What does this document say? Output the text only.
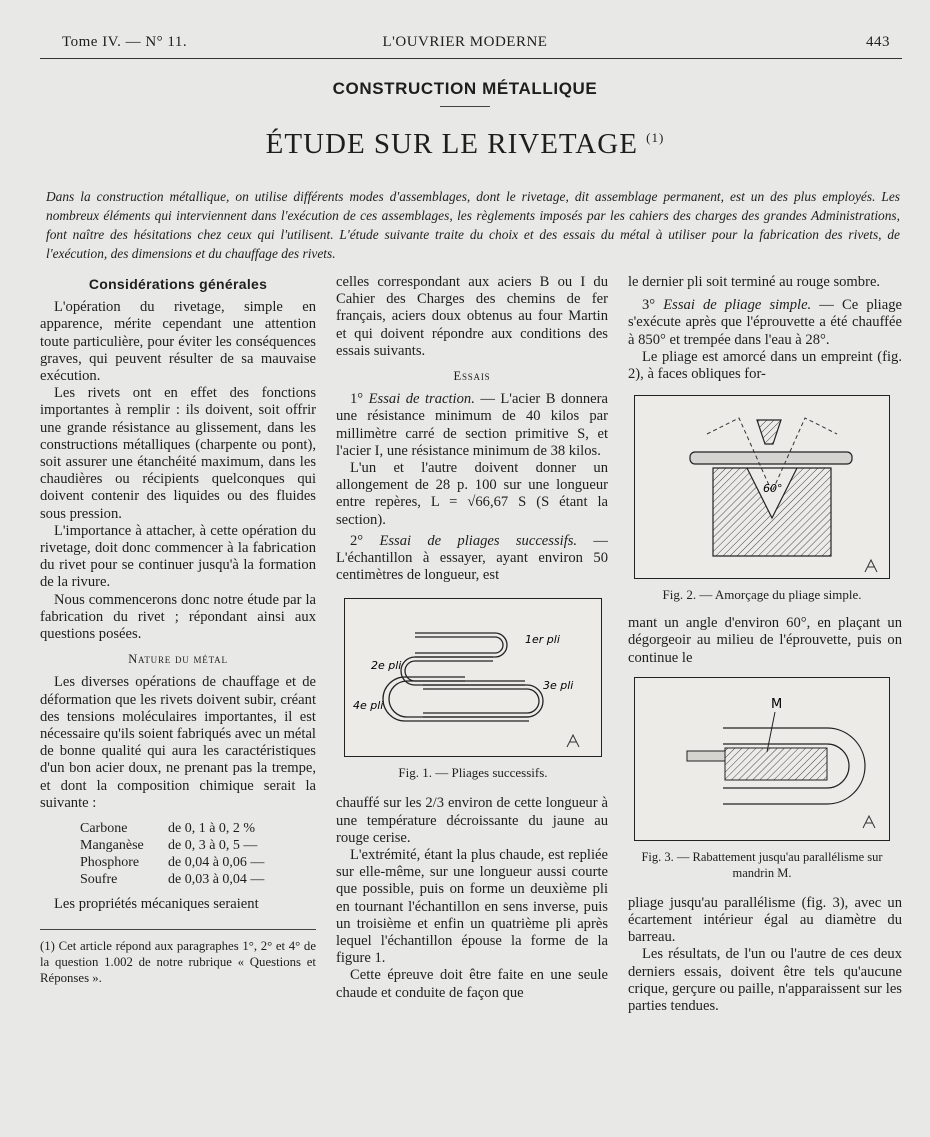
Tome IV. — N° 11.	L'OUVRIER MODERNE	443
CONSTRUCTION MÉTALLIQUE
ÉTUDE SUR LE RIVETAGE $^{(1)}$
Dans la construction métallique, on utilise différents modes d'assemblages, dont le rivetage, dit assemblage permanent, est un des plus employés. Les nombreux éléments qui interviennent dans l'exécution de ces assemblages, les règlements imposés par les cahiers des charges des grandes Administrations, font naître des hésitations chez ceux qui l'utilisent. L'étude suivante traite du choix et des essais du métal à utiliser pour la fabrication des rivets, de l'exécution, des dimensions et du chauffage des rivets.
Considérations générales

L'opération du rivetage, simple en apparence, mérite cependant une attention toute particulière, pour éviter les conséquences graves, qui peuvent résulter de sa mauvaise exécution.

Les rivets ont en effet des fonctions importantes à remplir : ils doivent, soit offrir une grande résistance au glissement, dans les constructions métalliques (charpente ou pont), soit assurer une étanchéité maximum, dans les chaudières ou récipients quelconques qui doivent contenir des liquides ou des fluides sous pression.

L'importance à attacher, à cette opération du rivetage, doit donc commencer à la fabrication du rivet pour se continuer jusqu'à la formation de la rivure.

Nous commencerons donc notre étude par la fabrication du rivet ; répondant ainsi aux questions posées.

Nature du métal

Les diverses opérations de chauffage et de déformation que les rivets doivent subir, créant des tensions moléculaires importantes, il est nécessaire qu'ils soient fabriqués avec un métal de bonne qualité qui aura les caractéristiques d'un bon acier doux, ne prenant pas la trempe, et dont la composition chimique serait la suivante :

Carbone	de 0, 1 à 0, 2 %
Manganèse de 0, 3 à 0, 5 —
Phosphore de 0,04 à 0,06 —
Soufre	de 0,03 à 0,04 —

Les propriétés mécaniques seraient

(1) Cet article répond aux paragraphes 1°, 2° et 4° de la question 1.002 de notre rubrique « Questions et Réponses ».

celles correspondant aux aciers B ou I du Cahier des Charges des chemins de fer français, aciers doux obtenus au four Martin et qui doivent répondre aux conditions des essais suivants.

Essais

1° Essai de traction. — L'acier B donnera une résistance minimum de 40 kilos par millimètre carré de section primitive S, et l'acier I, une résistance minimum de 38 kilos.

L'un et l'autre doivent donner un allongement de 28 p. 100 sur une longueur entre repères, L = √66,67 S (S étant la section).

2° Essai de pliages successifs. — L'échantillon à essayer, ayant environ 50 centimètres de longueur, est

1er pli
2e pli
3e pli
4e pli
Fig. 1. — Pliages successifs.

chauffé sur les 2/3 environ de cette longueur à une température décroissante du jaune au rouge cerise.

L'extrémité, étant la plus chaude, est repliée sur elle-même, sur une longueur aussi courte que possible, puis on forme un deuxième pli en tournant l'échantillon en sens inverse, puis un troisième et enfin un quatrième pli après lequel l'échantillon épouse la forme de la figure 1.

Cette épreuve doit être faite en une seule chaude et conduite de façon que

le dernier pli soit terminé au rouge sombre.

3° Essai de pliage simple. — Ce pliage s'exécute après que l'éprouvette a été chauffée à 850° et trempée dans l'eau à 28°.

Le pliage est amorcé dans un empreint (fig. 2), à faces obliques for-

60°
Fig. 2. — Amorçage du pliage simple.

mant un angle d'environ 60°, en plaçant un dégorgeoir au milieu de l'éprouvette, puis on continue le

M
Fig. 3. — Rabattement jusqu'au parallélisme sur mandrin M.

pliage jusqu'au parallélisme (fig. 3), avec un écartement intérieur égal au diamètre du barreau.

Les résultats, de l'un ou l'autre de ces deux derniers essais, doivent être tels qu'aucune crique, gerçure ou paille, n'apparaissent sur les parties tendues.
